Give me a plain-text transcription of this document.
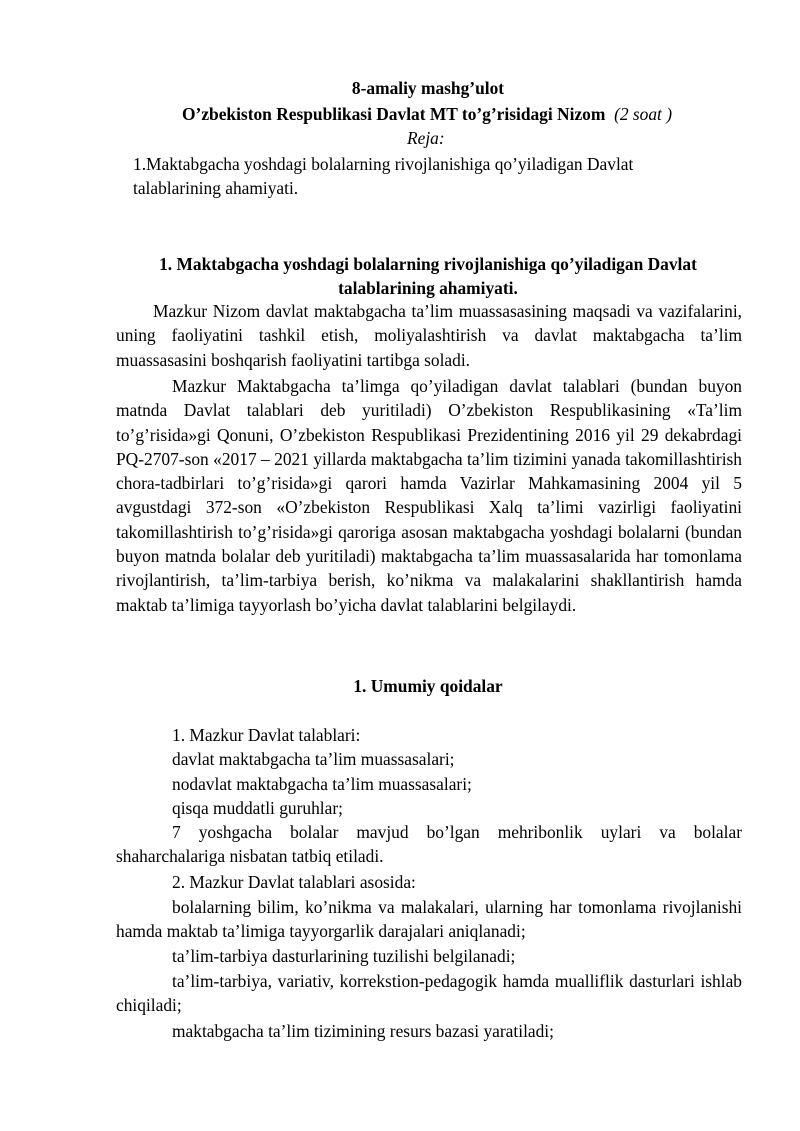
8-amaliy mashg’ulot
O’zbekiston Respublikasi Davlat MT to’g’risidagi Nizom (2 soat )
Reja:
1.Maktabgacha yoshdagi bolalarning rivojlanishiga qo’yiladigan Davlat
talablarining ahamiyati.
1. Maktabgacha yoshdagi bolalarning rivojlanishiga qo’yiladigan Davlat
talablarining ahamiyati.
Mazkur Nizom davlat maktabgacha ta’lim muassasasining maqsadi va vazifalarini, uning faoliyatini tashkil etish, moliyalashtirish va davlat maktabgacha ta’lim muassasasini boshqarish faoliyatini tartibga soladi.
Mazkur Maktabgacha ta’limga qo’yiladigan davlat talablari (bundan buyon matnda Davlat talablari deb yuritiladi) O’zbekiston Respublikasining «Ta’lim to’g’risida»gi Qonuni, O’zbekiston Respublikasi Prezidentining 2016 yil 29 dekabrdagi PQ-2707-son «2017 – 2021 yillarda maktabgacha ta’lim tizimini yanada takomillashtirish chora-tadbirlari to’g’risida»gi qarori hamda Vazirlar Mahkamasining 2004 yil 5 avgustdagi 372-son «O’zbekiston Respublikasi Xalq ta’limi vazirligi faoliyatini takomillashtirish to’g’risida»gi qaroriga asosan maktabgacha yoshdagi bolalarni (bundan buyon matnda bolalar deb yuritiladi) maktabgacha ta’lim muassasalarida har tomonlama rivojlantirish, ta’lim-tarbiya berish, ko’nikma va malakalarini shakllantirish hamda maktab ta’limiga tayyorlash bo’yicha davlat talablarini belgilaydi.
1. Umumiy qoidalar
1. Mazkur Davlat talablari:
davlat maktabgacha ta’lim muassasalari;
nodavlat maktabgacha ta’lim muassasalari;
qisqa muddatli guruhlar;
7 yoshgacha bolalar mavjud bo’lgan mehribonlik uylari va bolalar shaharchalariga nisbatan tatbiq etiladi.
2. Mazkur Davlat talablari asosida:
bolalarning bilim, ko’nikma va malakalari, ularning har tomonlama rivojlanishi hamda maktab ta’limiga tayyorgarlik darajalari aniqlanadi;
ta’lim-tarbiya dasturlarining tuzilishi belgilanadi;
ta’lim-tarbiya, variativ, korrekstion-pedagogik hamda mualliflik dasturlari ishlab chiqiladi;
maktabgacha ta’lim tizimining resurs bazasi yaratiladi;
